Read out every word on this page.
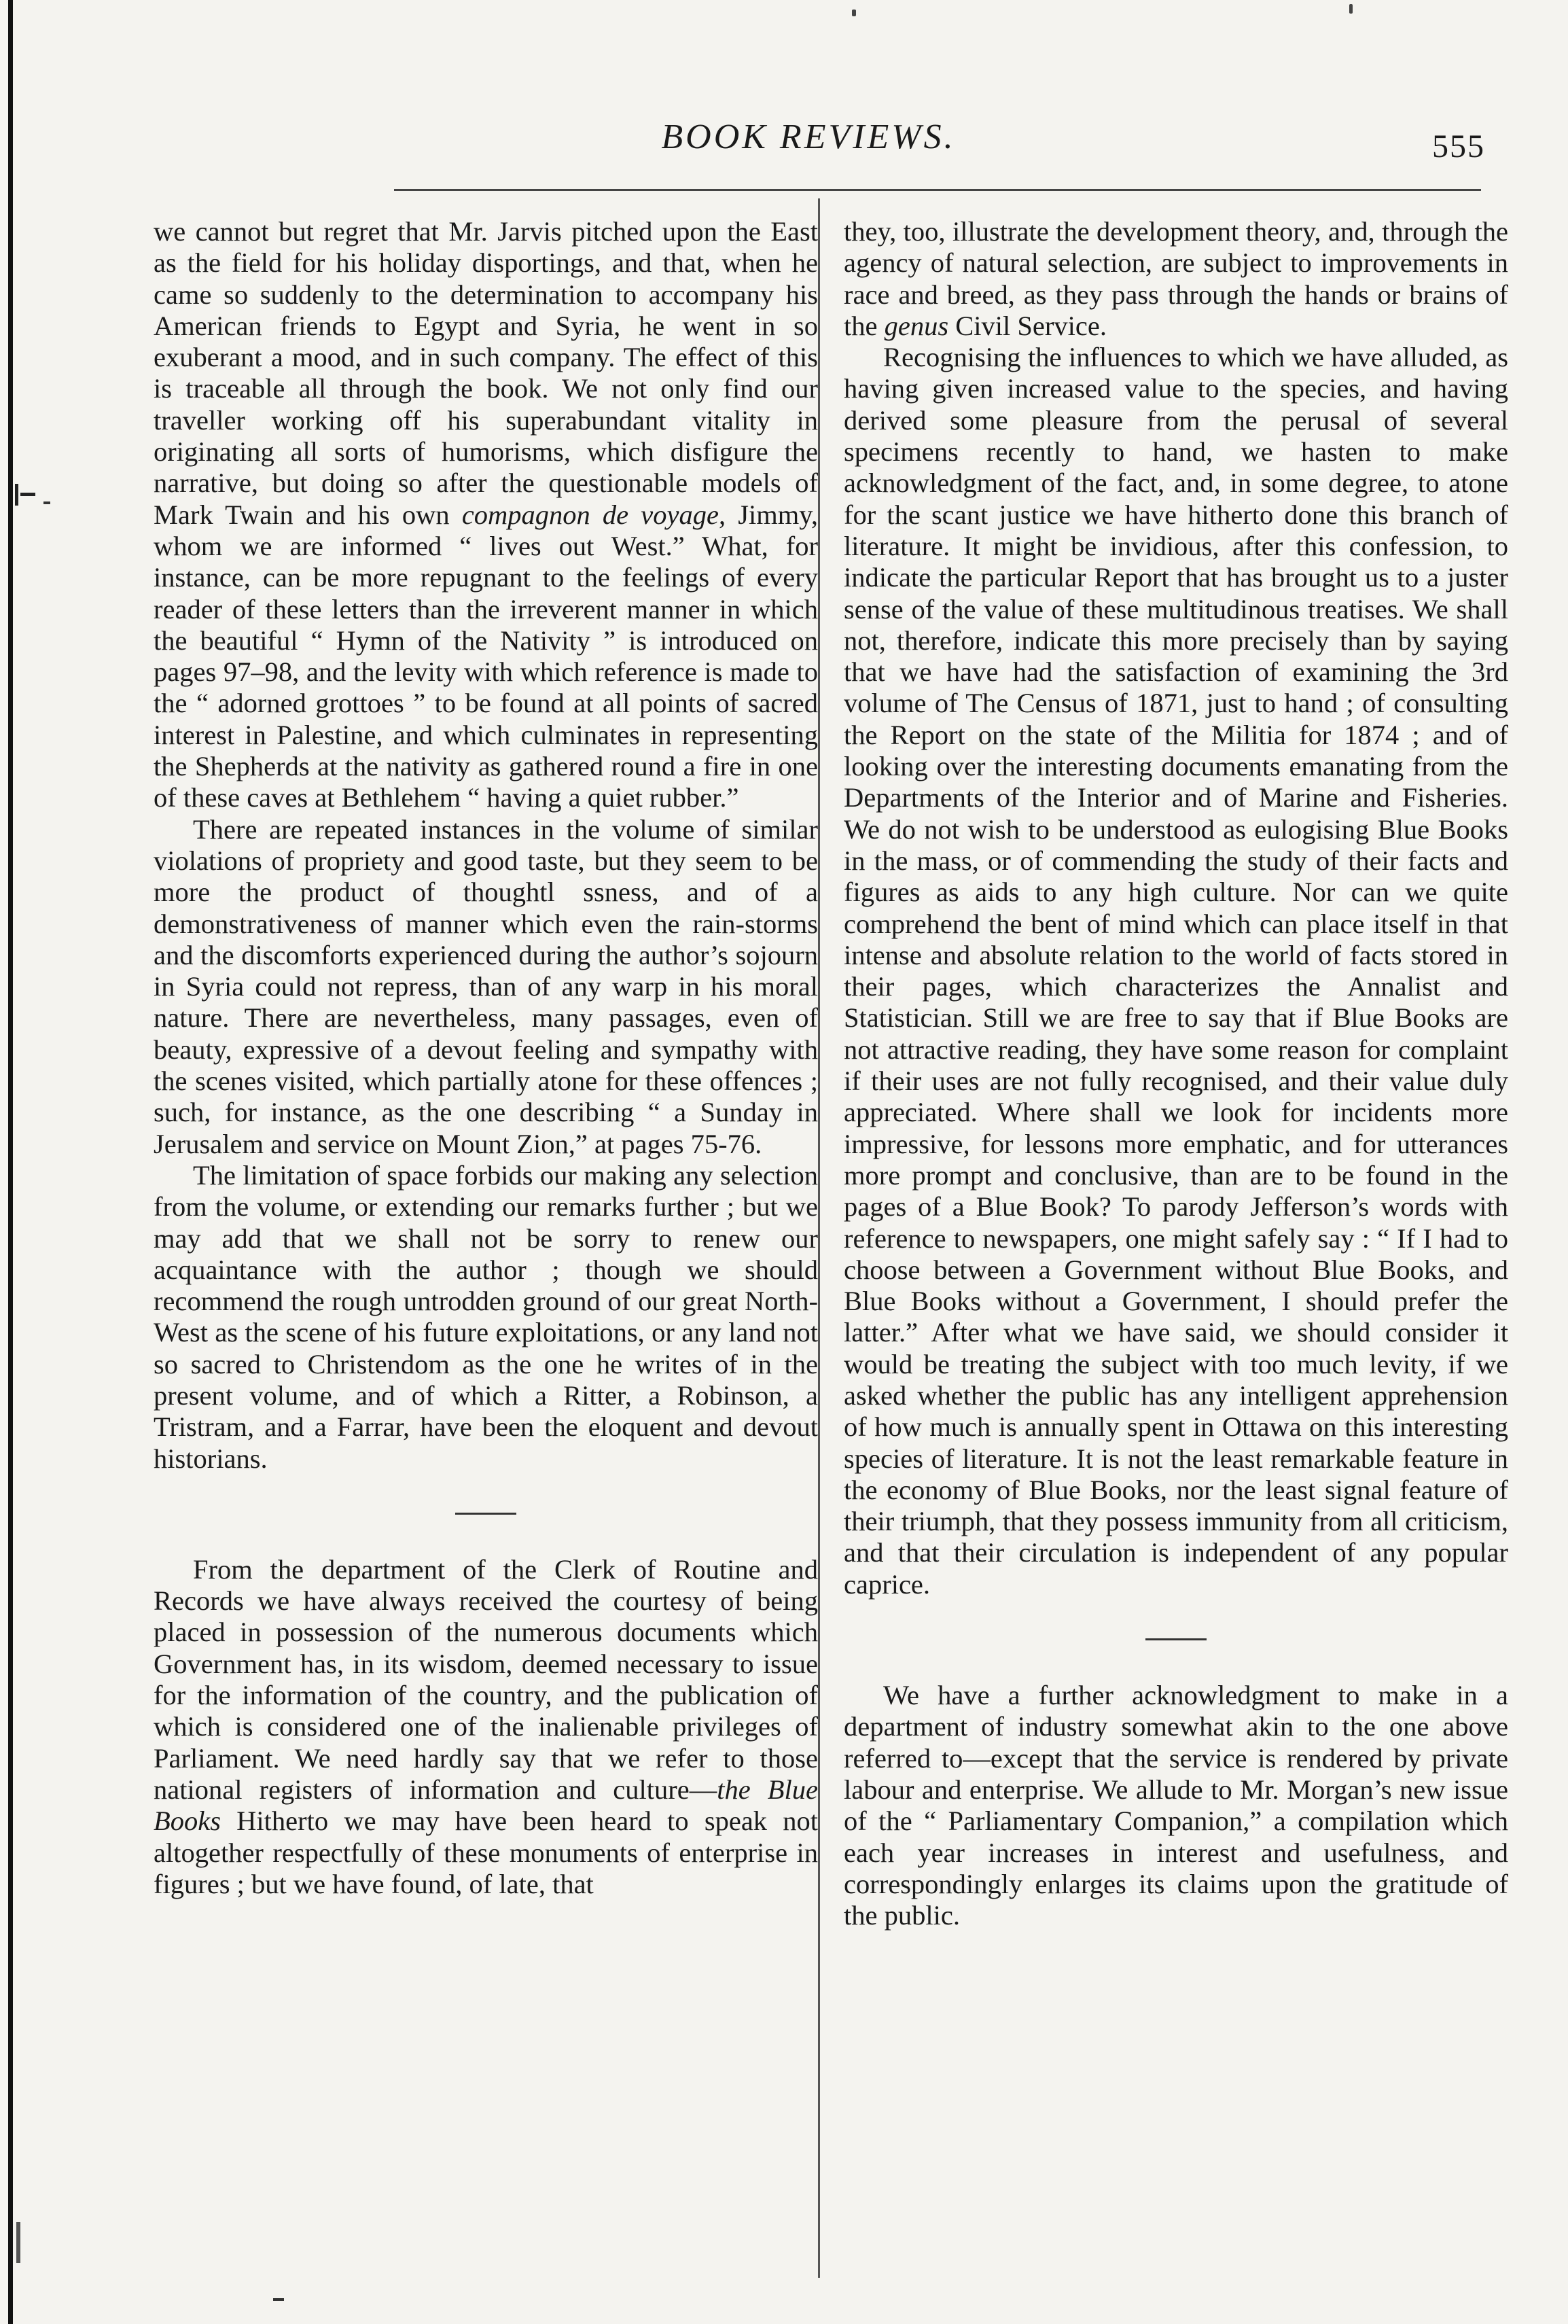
BOOK REVIEWS.	555

we cannot but regret that Mr. Jarvis pitched upon the East as the field for his holiday disportings, and that, when he came so suddenly to the determination to accompany his American friends to Egypt and Syria, he went in so exuberant a mood, and in such company. The effect of this is traceable all through the book. We not only find our traveller working off his superabundant vitality in originating all sorts of humorisms, which disfigure the narrative, but doing so after the questionable models of Mark Twain and his own compagnon de voyage, Jimmy, whom we are informed “ lives out West.” What, for instance, can be more repugnant to the feelings of every reader of these letters than the irreverent manner in which the beautiful “ Hymn of the Nativity ” is introduced on pages 97–98, and the levity with which reference is made to the “ adorned grottoes ” to be found at all points of sacred interest in Palestine, and which culminates in representing the Shepherds at the nativity as gathered round a fire in one of these caves at Bethlehem “ having a quiet rubber.”

There are repeated instances in the volume of similar violations of propriety and good taste, but they seem to be more the product of thoughtl ssness, and of a demonstrativeness of manner which even the rain-storms and the discomforts experienced during the author’s sojourn in Syria could not repress, than of any warp in his moral nature. There are nevertheless, many passages, even of beauty, expressive of a devout feeling and sympathy with the scenes visited, which partially atone for these offences ; such, for instance, as the one describing “ a Sunday in Jerusalem and service on Mount Zion,” at pages 75-76.

The limitation of space forbids our making any selection from the volume, or extending our remarks further ; but we may add that we shall not be sorry to renew our acquaintance with the author ; though we should recommend the rough untrodden ground of our great North-West as the scene of his future exploitations, or any land not so sacred to Christendom as the one he writes of in the present volume, and of which a Ritter, a Robinson, a Tristram, and a Farrar, have been the eloquent and devout historians.

From the department of the Clerk of Routine and Records we have always received the courtesy of being placed in possession of the numerous documents which Government has, in its wisdom, deemed necessary to issue for the information of the country, and the publication of which is considered one of the inalienable privileges of Parliament. We need hardly say that we refer to those national registers of information and culture—the Blue Books Hitherto we may have been heard to speak not altogether respectfully of these monuments of enterprise in figures ; but we have found, of late, that

they, too, illustrate the development theory, and, through the agency of natural selection, are subject to improvements in race and breed, as they pass through the hands or brains of the genus Civil Service.

Recognising the influences to which we have alluded, as having given increased value to the species, and having derived some pleasure from the perusal of several specimens recently to hand, we hasten to make acknowledgment of the fact, and, in some degree, to atone for the scant justice we have hitherto done this branch of literature. It might be invidious, after this confession, to indicate the particular Report that has brought us to a juster sense of the value of these multitudinous treatises. We shall not, therefore, indicate this more precisely than by saying that we have had the satisfaction of examining the 3rd volume of The Census of 1871, just to hand ; of consulting the Report on the state of the Militia for 1874 ; and of looking over the interesting documents emanating from the Departments of the Interior and of Marine and Fisheries. We do not wish to be understood as eulogising Blue Books in the mass, or of commending the study of their facts and figures as aids to any high culture. Nor can we quite comprehend the bent of mind which can place itself in that intense and absolute relation to the world of facts stored in their pages, which characterizes the Annalist and Statistician. Still we are free to say that if Blue Books are not attractive reading, they have some reason for complaint if their uses are not fully recognised, and their value duly appreciated. Where shall we look for incidents more impressive, for lessons more emphatic, and for utterances more prompt and conclusive, than are to be found in the pages of a Blue Book? To parody Jefferson’s words with reference to newspapers, one might safely say : “ If I had to choose between a Government without Blue Books, and Blue Books without a Government, I should prefer the latter.” After what we have said, we should consider it would be treating the subject with too much levity, if we asked whether the public has any intelligent apprehension of how much is annually spent in Ottawa on this interesting species of literature. It is not the least remarkable feature in the economy of Blue Books, nor the least signal feature of their triumph, that they possess immunity from all criticism, and that their circulation is independent of any popular caprice.

We have a further acknowledgment to make in a department of industry somewhat akin to the one above referred to—except that the service is rendered by private labour and enterprise. We allude to Mr. Morgan’s new issue of the “ Parliamentary Companion,” a compilation which each year increases in interest and usefulness, and correspondingly enlarges its claims upon the gratitude of the public.
